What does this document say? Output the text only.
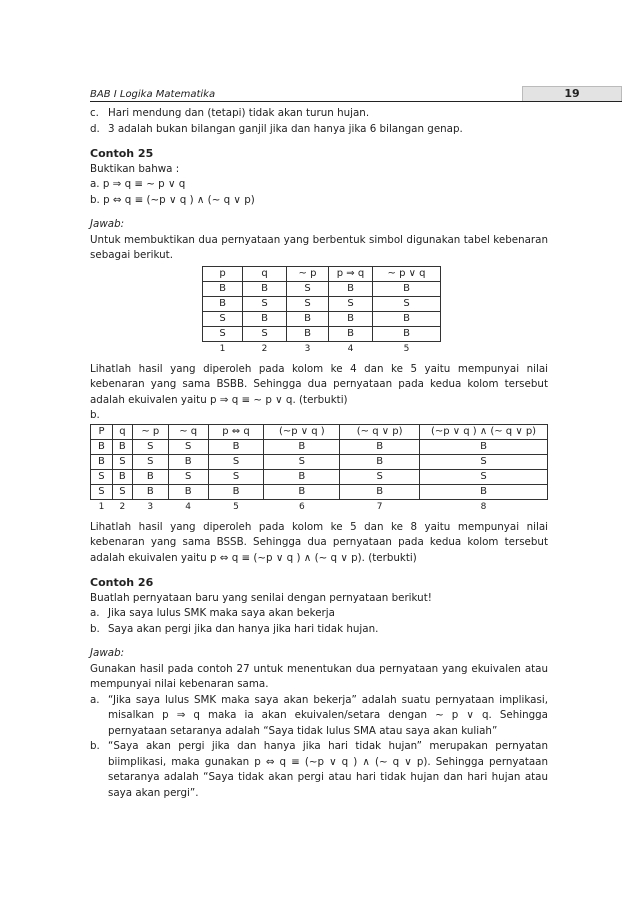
BAB I Logika Matematika	19
c. Hari mendung dan (tetapi) tidak akan turun hujan.
d. 3 adalah bukan bilangan ganjil jika dan hanya jika 6 bilangan genap.
Contoh 25
Buktikan bahwa :
a. p ⇒ q ≡ ~ p ∨ q
b. p ⇔ q ≡ (~p ∨ q ) ∧ (~ q ∨ p)
Jawab:
Untuk membuktikan dua pernyataan yang berbentuk simbol digunakan tabel kebenaran sebagai berikut.
p	q	~ p	p ⇒ q	~ p ∨ q
B	B	S	B	B
B	S	S	S	S
S	B	B	B	B
S	S	B	B	B
1	2	3	4	5
Lihatlah hasil yang diperoleh pada kolom ke 4 dan ke 5 yaitu mempunyai nilai kebenaran yang sama BSBB. Sehingga dua pernyataan pada kedua kolom tersebut adalah ekuivalen yaitu p ⇒ q ≡ ~ p ∨ q. (terbukti)
b.
P	q	~ p	~ q	p ⇔ q	(~p ∨ q )	(~ q ∨ p)	(~p ∨ q ) ∧ (~ q ∨ p)
B	B	S	S	B	B	B	B
B	S	S	B	S	S	B	S
S	B	B	S	S	B	S	S
S	S	B	B	B	B	B	B
1	2	3	4	5	6	7	8
Lihatlah hasil yang diperoleh pada kolom ke 5 dan ke 8 yaitu mempunyai nilai kebenaran yang sama BSSB. Sehingga dua pernyataan pada kedua kolom tersebut adalah ekuivalen yaitu p ⇔ q ≡ (~p ∨ q ) ∧ (~ q ∨ p). (terbukti)
Contoh 26
Buatlah pernyataan baru yang senilai dengan pernyataan berikut!
a. Jika saya lulus SMK maka saya akan bekerja
b. Saya akan pergi jika dan hanya jika hari tidak hujan.
Jawab:
Gunakan hasil pada contoh 27 untuk menentukan dua pernyataan yang ekuivalen atau mempunyai nilai kebenaran sama.
a. “Jika saya lulus SMK maka saya akan bekerja” adalah suatu pernyataan implikasi, misalkan p ⇒ q maka ia akan ekuivalen/setara dengan ~ p ∨ q. Sehingga pernyataan setaranya adalah “Saya tidak lulus SMA atau saya akan kuliah”
b. “Saya akan pergi jika dan hanya jika hari tidak hujan” merupakan pernyatan biimplikasi, maka gunakan p ⇔ q ≡ (~p ∨ q ) ∧ (~ q ∨ p). Sehingga pernyataan setaranya adalah “Saya tidak akan pergi atau hari tidak hujan dan hari hujan atau saya akan pergi”.
